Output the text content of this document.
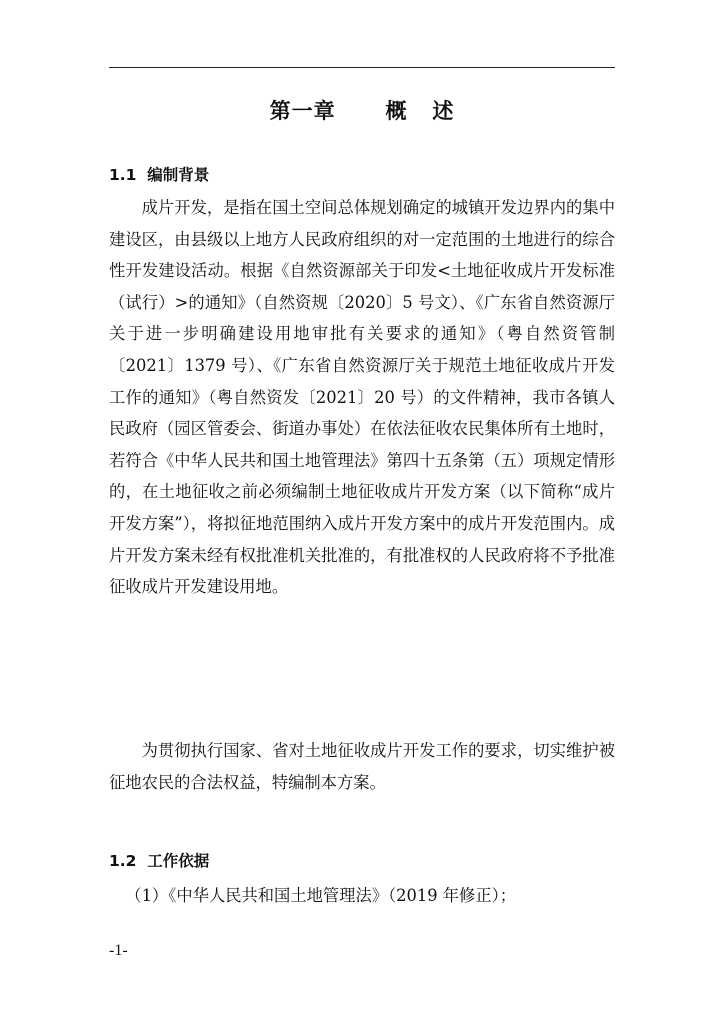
第一章      概   述
1.1  编制背景

成片开发，是指在国土空间总体规划确定的城镇开发边界内的集中建设区，由县级以上地方人民政府组织的对一定范围的土地进行的综合性开发建设活动。根据《自然资源部关于印发<土地征收成片开发标准（试行）>的通知》（自然资规〔2020〕5 号文）、《广东省自然资源厅关于进一步明确建设用地审批有关要求的通知》（粤自然资管制〔2021〕1379 号）、《广东省自然资源厅关于规范土地征收成片开发工作的通知》（粤自然资发〔2021〕20 号）的文件精神，我市各镇人民政府（园区管委会、街道办事处）在依法征收农民集体所有土地时，若符合《中华人民共和国土地管理法》第四十五条第（五）项规定情形的，在土地征收之前必须编制土地征收成片开发方案（以下简称“成片开发方案”），将拟征地范围纳入成片开发方案中的成片开发范围内。成片开发方案未经有权批准机关批准的，有批准权的人民政府将不予批准征收成片开发建设用地。

为贯彻执行国家、省对土地征收成片开发工作的要求，切实维护被征地农民的合法权益，特编制本方案。

1.2  工作依据

（1）《中华人民共和国土地管理法》（2019 年修正）；

-1-
